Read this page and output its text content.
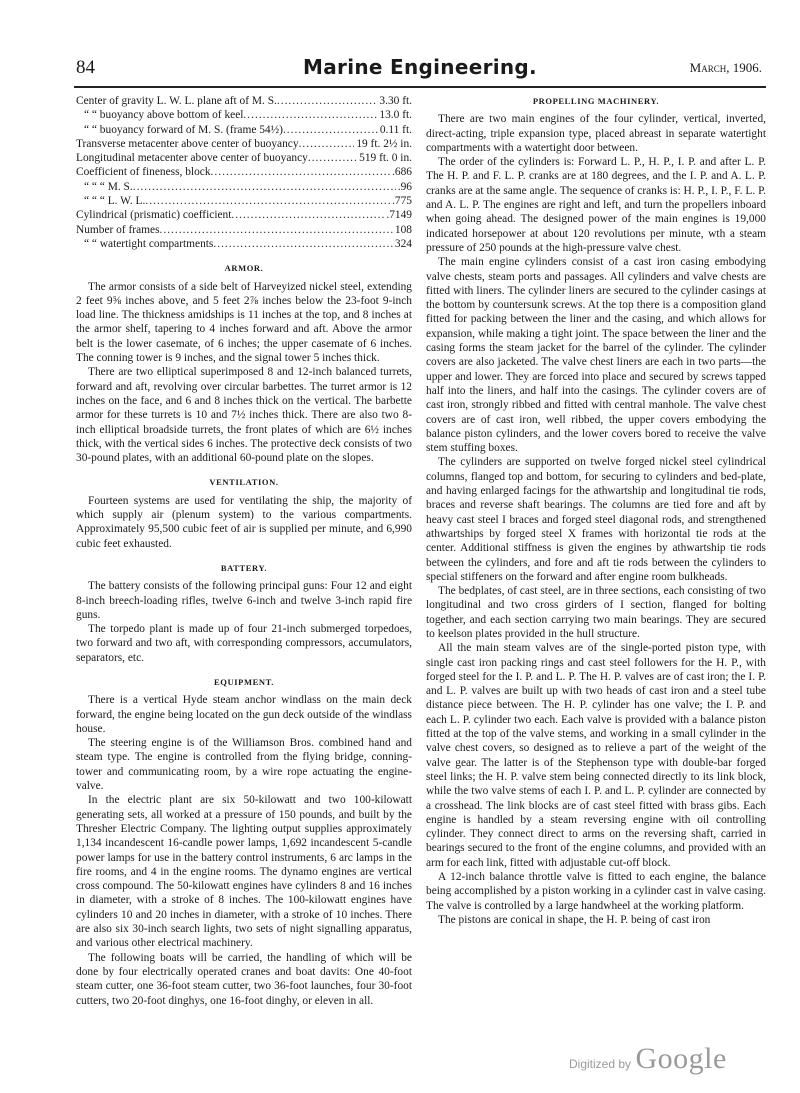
84	Marine Engineering.	March, 1906.
Center of gravity L. W. L. plane aft of M. S. .....	3.30 ft.
“ “ buoyancy above bottom of keel .....	13.0 ft.
“ “ buoyancy forward of M. S. (frame 54½) .....	0.11 ft.
Transverse metacenter above center of buoyancy .....	19 ft. 2½ in.
Longitudinal metacenter above center of buoyancy .....	519 ft. 0 in.
Coefficient of fineness, block .....	.686
“ “ “ M. S. .....	.96
“ “ “ L. W. L. .....	.775
Cylindrical (prismatic) coefficient .....	.7149
Number of frames .....	108
“ “ watertight compartments .....	324
ARMOR.

The armor consists of a side belt of Harveyized nickel steel, extending 2 feet 9⅝ inches above, and 5 feet 2⅞ inches below the 23-foot 9-inch load line. The thickness amidships is 11 inches at the top, and 8 inches at the armor shelf, tapering to 4 inches forward and aft. Above the armor belt is the lower casemate, of 6 inches; the upper casemate of 6 inches. The conning tower is 9 inches, and the signal tower 5 inches thick.

There are two elliptical superimposed 8 and 12-inch balanced turrets, forward and aft, revolving over circular barbettes. The turret armor is 12 inches on the face, and 6 and 8 inches thick on the vertical. The barbette armor for these turrets is 10 and 7½ inches thick. There are also two 8-inch elliptical broadside turrets, the front plates of which are 6½ inches thick, with the vertical sides 6 inches. The protective deck consists of two 30-pound plates, with an additional 60-pound plate on the slopes.

VENTILATION.

Fourteen systems are used for ventilating the ship, the majority of which supply air (plenum system) to the various compartments. Approximately 95,500 cubic feet of air is supplied per minute, and 6,990 cubic feet exhausted.

BATTERY.

The battery consists of the following principal guns: Four 12 and eight 8-inch breech-loading rifles, twelve 6-inch and twelve 3-inch rapid fire guns.

The torpedo plant is made up of four 21-inch submerged torpedoes, two forward and two aft, with corresponding compressors, accumulators, separators, etc.

EQUIPMENT.

There is a vertical Hyde steam anchor windlass on the main deck forward, the engine being located on the gun deck outside of the windlass house.

The steering engine is of the Williamson Bros. combined hand and steam type. The engine is controlled from the flying bridge, conning-tower and communicating room, by a wire rope actuating the engine-valve.

In the electric plant are six 50-kilowatt and two 100-kilowatt generating sets, all worked at a pressure of 150 pounds, and built by the Thresher Electric Company. The lighting output supplies approximately 1,134 incandescent 16-candle power lamps, 1,692 incandescent 5-candle power lamps for use in the battery control instruments, 6 arc lamps in the fire rooms, and 4 in the engine rooms. The dynamo engines are vertical cross compound. The 50-kilowatt engines have cylinders 8 and 16 inches in diameter, with a stroke of 8 inches. The 100-kilowatt engines have cylinders 10 and 20 inches in diameter, with a stroke of 10 inches. There are also six 30-inch search lights, two sets of night signalling apparatus, and various other electrical machinery.

The following boats will be carried, the handling of which will be done by four electrically operated cranes and boat davits: One 40-foot steam cutter, one 36-foot steam cutter, two 36-foot launches, four 30-foot cutters, two 20-foot dinghys, one 16-foot dinghy, or eleven in all.

PROPELLING MACHINERY.

There are two main engines of the four cylinder, vertical, inverted, direct-acting, triple expansion type, placed abreast in separate watertight compartments with a watertight door between.

The order of the cylinders is: Forward L. P., H. P., I. P. and after L. P. The H. P. and F. L. P. cranks are at 180 degrees, and the I. P. and A. L. P. cranks are at the same angle. The sequence of cranks is: H. P., I. P., F. L. P. and A. L. P. The engines are right and left, and turn the propellers inboard when going ahead. The designed power of the main engines is 19,000 indicated horsepower at about 120 revolutions per minute, wth a steam pressure of 250 pounds at the high-pressure valve chest.

The main engine cylinders consist of a cast iron casing embodying valve chests, steam ports and passages. All cylinders and valve chests are fitted with liners. The cylinder liners are secured to the cylinder casings at the bottom by countersunk screws. At the top there is a composition gland fitted for packing between the liner and the casing, and which allows for expansion, while making a tight joint. The space between the liner and the casing forms the steam jacket for the barrel of the cylinder. The cylinder covers are also jacketed. The valve chest liners are each in two parts—the upper and lower. They are forced into place and secured by screws tapped half into the liners, and half into the casings. The cylinder covers are of cast iron, strongly ribbed and fitted with central manhole. The valve chest covers are of cast iron, well ribbed, the upper covers embodying the balance piston cylinders, and the lower covers bored to receive the valve stem stuffing boxes.

The cylinders are supported on twelve forged nickel steel cylindrical columns, flanged top and bottom, for securing to cylinders and bed-plate, and having enlarged facings for the athwartship and longitudinal tie rods, braces and reverse shaft bearings. The columns are tied fore and aft by heavy cast steel I braces and forged steel diagonal rods, and strengthened athwartships by forged steel X frames with horizontal tie rods at the center. Additional stiffness is given the engines by athwartship tie rods between the cylinders, and fore and aft tie rods between the cylinders to special stiffeners on the forward and after engine room bulkheads.

The bedplates, of cast steel, are in three sections, each consisting of two longitudinal and two cross girders of I section, flanged for bolting together, and each section carrying two main bearings. They are secured to keelson plates provided in the hull structure.

All the main steam valves are of the single-ported piston type, with single cast iron packing rings and cast steel followers for the H. P., with forged steel for the I. P. and L. P. The H. P. valves are of cast iron; the I. P. and L. P. valves are built up with two heads of cast iron and a steel tube distance piece between. The H. P. cylinder has one valve; the I. P. and each L. P. cylinder two each. Each valve is provided with a balance piston fitted at the top of the valve stems, and working in a small cylinder in the valve chest covers, so designed as to relieve a part of the weight of the valve gear. The latter is of the Stephenson type with double-bar forged steel links; the H. P. valve stem being connected directly to its link block, while the two valve stems of each I. P. and L. P. cylinder are connected by a crosshead. The link blocks are of cast steel fitted with brass gibs. Each engine is handled by a steam reversing engine with oil controlling cylinder. They connect direct to arms on the reversing shaft, carried in bearings secured to the front of the engine columns, and provided with an arm for each link, fitted with adjustable cut-off block.

A 12-inch balance throttle valve is fitted to each engine, the balance being accomplished by a piston working in a cylinder cast in valve casing. The valve is controlled by a large handwheel at the working platform.

The pistons are conical in shape, the H. P. being of cast iron

Digitized by Google
